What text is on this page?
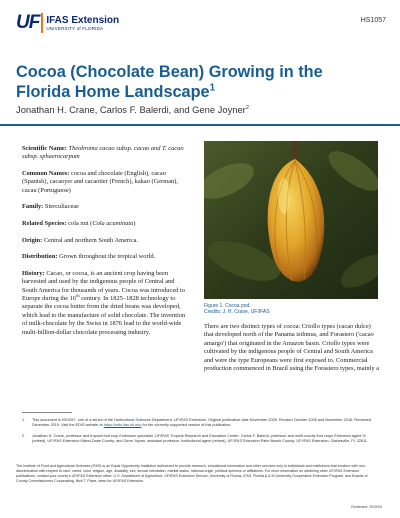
UF IFAS Extension
UNIVERSITY of FLORIDA
HS1057
Cocoa (Chocolate Bean) Growing in the Florida Home Landscape$^1$
Jonathan H. Crane, Carlos F. Balerdi, and Gene Joyner$^2$

Scientific Name: Theobroma cacao subsp. cacao and T. cacao subsp. sphaerocarpum

Common Names: cocoa and chocolate (English), cacao (Spanish), cacaoyer and cacaotier (French), kakao (German), cacau (Portuguese)

Family: Sterculiaceae

Related Species: cola nut (Cola acuminata)

Origin: Central and northern South America.

Distribution: Grown throughout the tropical world.

History: Cacao, or cocoa, is an ancient crop having been harvested and used by the indigenous people of Central and South America for thousands of years. Cocoa was introduced to Europe during the 16th century. In 1825–1828 technology to separate the cocoa butter from the dried beans was developed, which lead to the manufacture of solid chocolate. The invention of milk-chocolate by the Swiss in 1876 lead to the world-wide multi-billion-dollar chocolate processing industry.

Figure 1. Cocoa pod.
Credits: J. H. Crane, UF/IFAS

There are two distinct types of cocoa: Criollo types (cacao dulce) that developed north of the Panama isthmus, and Forastero ('cacao amargo') that originated in the Amazon basin. Criollo types were cultivated by the indigenous people of Central and South America and were the type Europeans were first exposed to. Commercial production commenced in Brazil using the Forastero types, mainly a

1.	This document is HS1057, one of a series of the Horticultural Sciences Department, UF/IFAS Extension. Original publication date November 2005. Revised October 2006 and November 2016. Reviewed December 2019. Visit the EDIS website at https://edis.ifas.ufl.edu for the currently supported version of this publication.
2.	Jonathan H. Crane, professor and tropical fruit crop Extension specialist, UF/IFAS Tropical Research and Education Center; Carlos F. Balerdi, professor and multi-county fruit crops Extension agent IV (retired), UF/IFAS Extension Miami-Dade County; and Gene Joyner, assistant professor, horticultural agent (retired), UF/IFAS Extension Palm Beach County; UF/IFAS Extension, Gainesville, FL 32611.
The Institute of Food and Agricultural Sciences (IFAS) is an Equal Opportunity Institution authorized to provide research, educational information and other services only to individuals and institutions that function with non-discrimination with respect to race, creed, color, religion, age, disability, sex, sexual orientation, marital status, national origin, political opinions or affiliations. For more information on obtaining other UF/IFAS Extension publications, contact your county's UF/IFAS Extension office. U.S. Department of Agriculture, UF/IFAS Extension Service, University of Florida, IFAS, Florida A & M University Cooperative Extension Program, and Boards of County Commissioners Cooperating. Nick T. Place, dean for UF/IFAS Extension.
Reviewed: 2019/03
